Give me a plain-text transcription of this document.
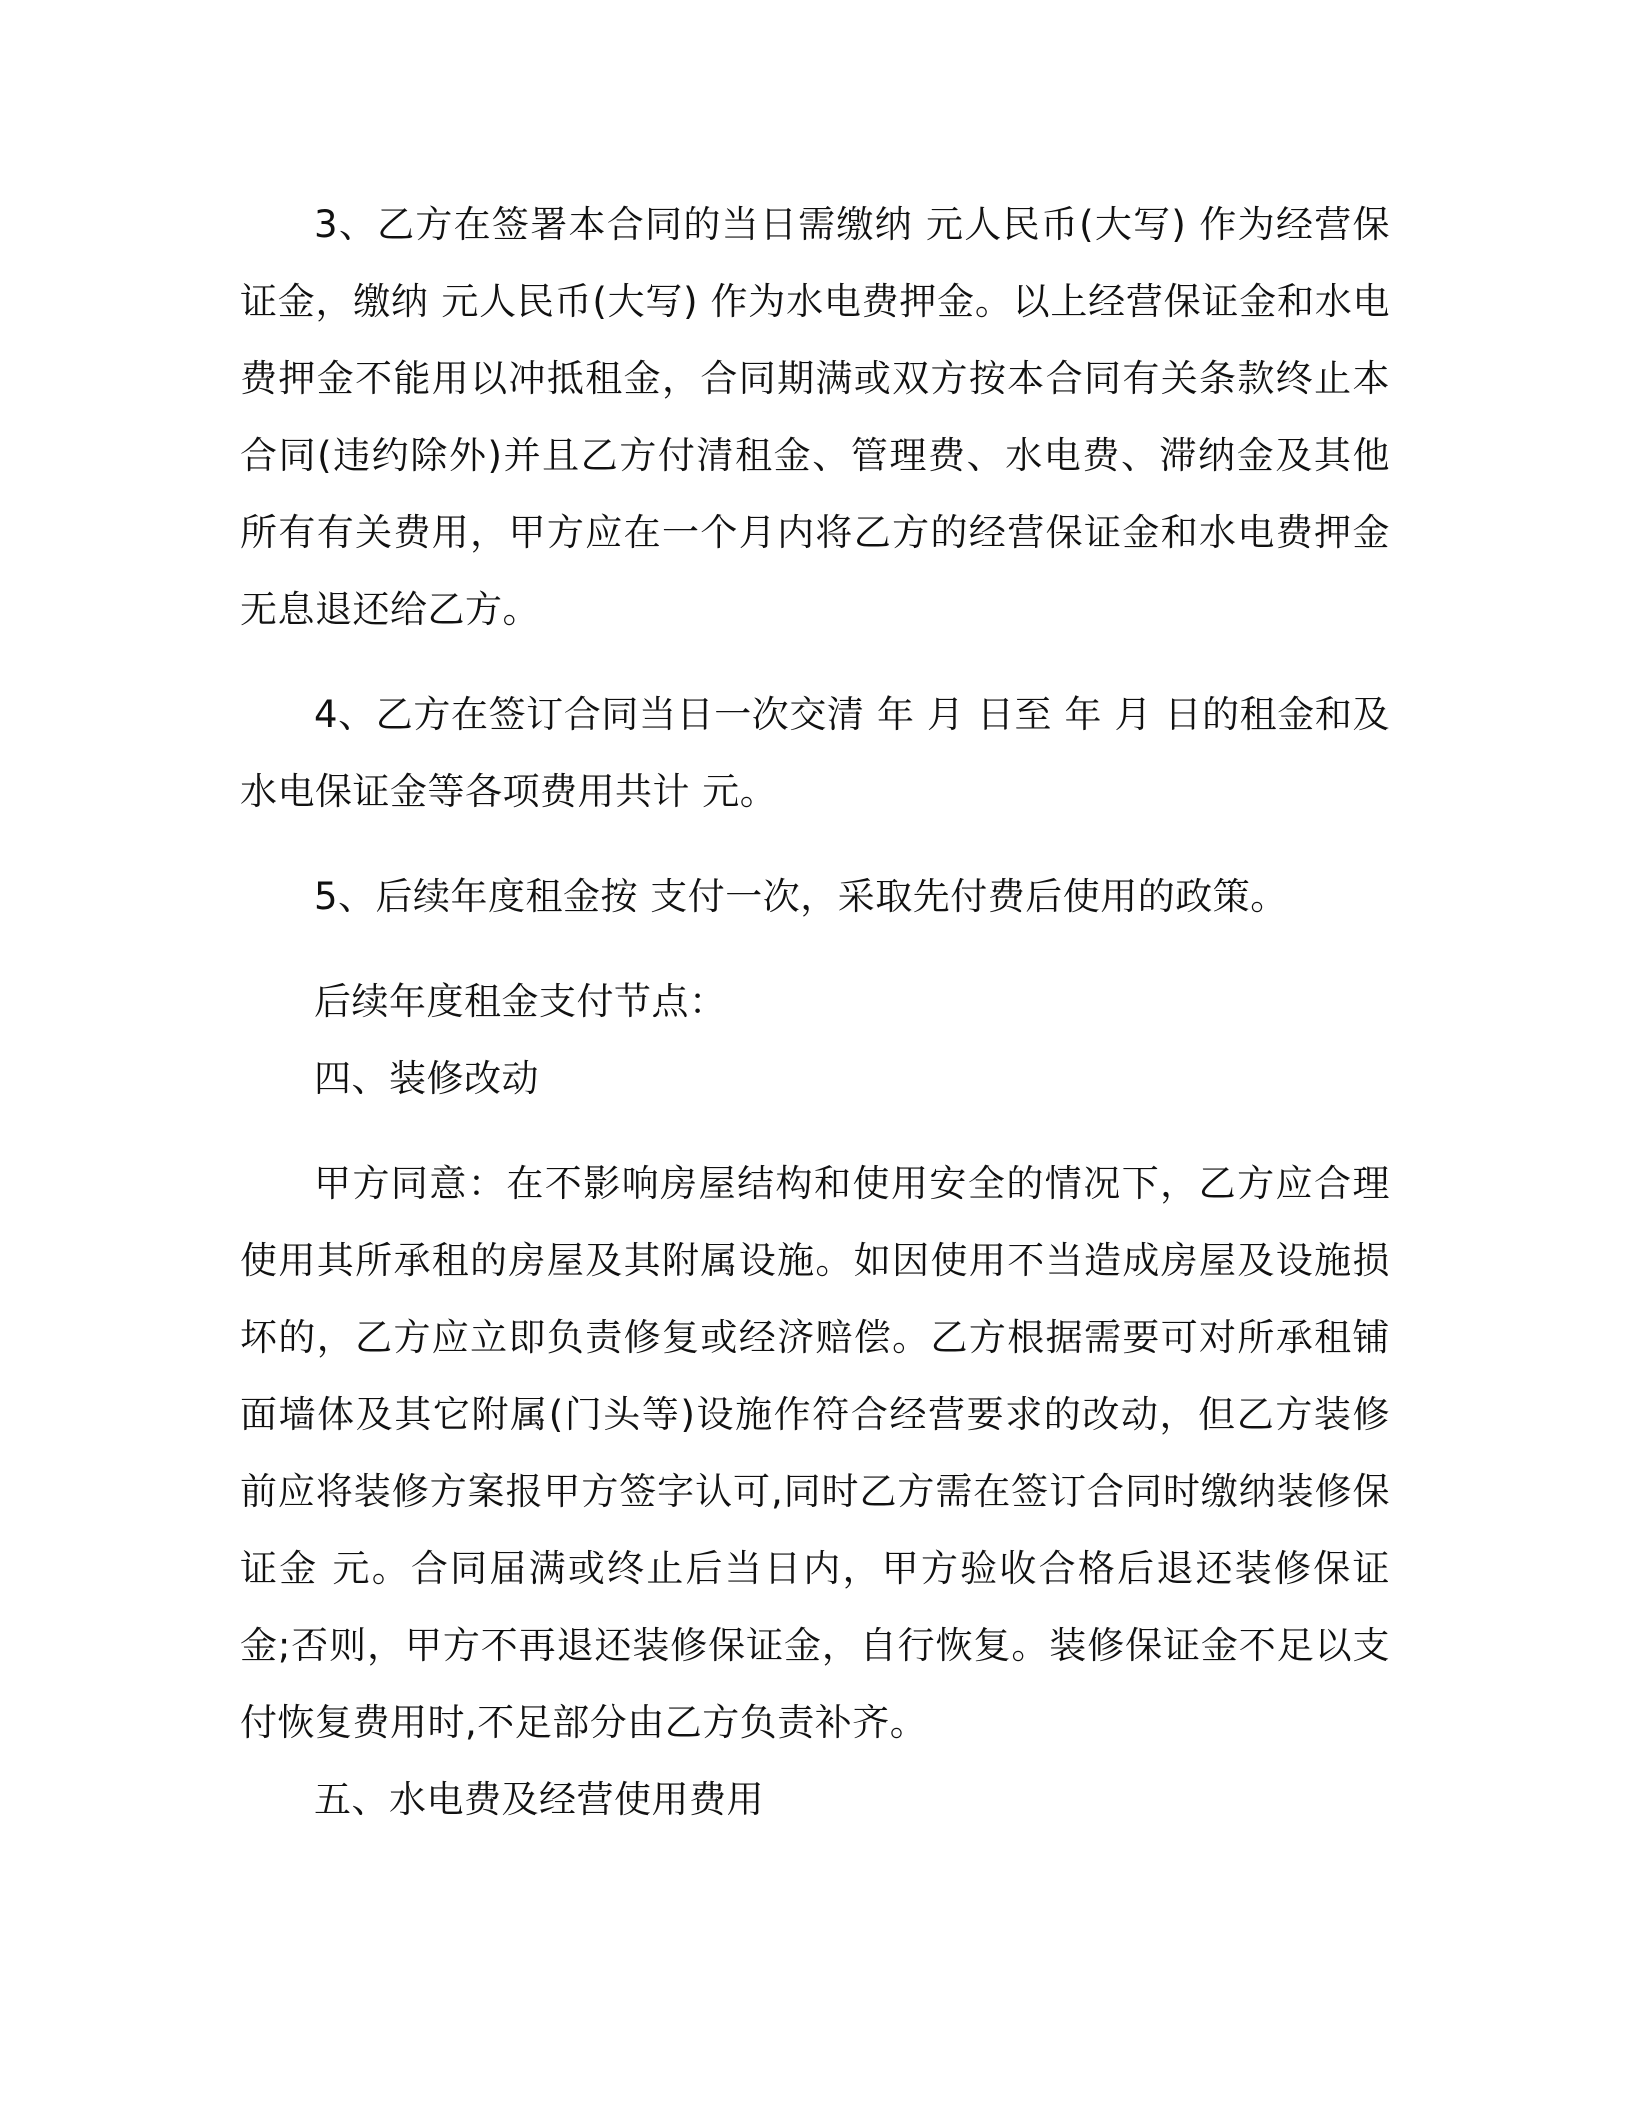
3、乙方在签署本合同的当日需缴纳 元人民币(大写) 作为经营保证金，缴纳 元人民币(大写) 作为水电费押金。以上经营保证金和水电费押金不能用以冲抵租金，合同期满或双方按本合同有关条款终止本合同(违约除外)并且乙方付清租金、管理费、水电费、滞纳金及其他所有有关费用，甲方应在一个月内将乙方的经营保证金和水电费押金无息退还给乙方。

4、乙方在签订合同当日一次交清 年 月 日至 年 月 日的租金和及水电保证金等各项费用共计 元。

5、后续年度租金按 支付一次，采取先付费后使用的政策。

后续年度租金支付节点：

四、装修改动

甲方同意：在不影响房屋结构和使用安全的情况下，乙方应合理使用其所承租的房屋及其附属设施。如因使用不当造成房屋及设施损坏的，乙方应立即负责修复或经济赔偿。乙方根据需要可对所承租铺面墙体及其它附属(门头等)设施作符合经营要求的改动，但乙方装修前应将装修方案报甲方签字认可,同时乙方需在签订合同时缴纳装修保证金 元。合同届满或终止后当日内，甲方验收合格后退还装修保证金;否则，甲方不再退还装修保证金，自行恢复。装修保证金不足以支付恢复费用时,不足部分由乙方负责补齐。

五、水电费及经营使用费用
